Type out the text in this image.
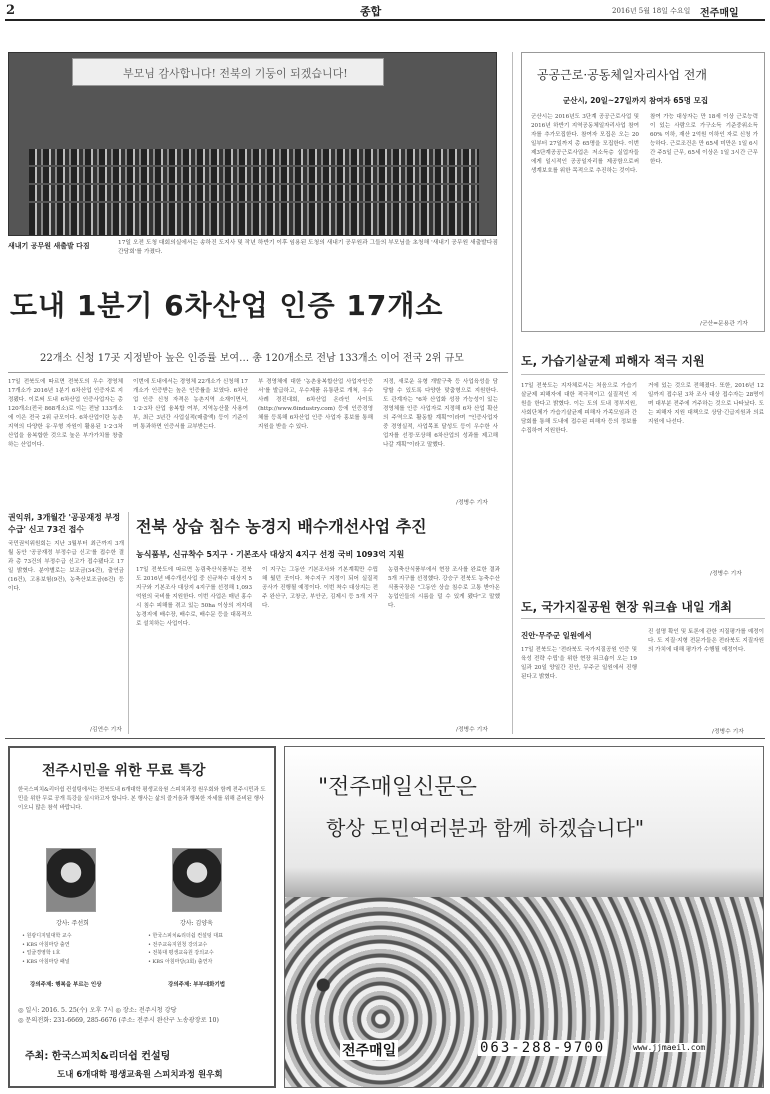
2	종합	2016년 5월 18일 수요일 전주매일
부모님 감사합니다! 전북의 기둥이 되겠습니다!
새내기 공무원 새출발 다짐	17일 오전 도청 대회의실에서는 송하진 도지사 및 작년 하반기 이후 임용된 도청의 새내기 공무원과 그들의 부모님을 초청해 '새내기 공무원 새출발다짐 간담회'를 가졌다.
도내 1분기 6차산업 인증 17개소
22개소 신청 17곳 지정받아 높은 인증률 보여… 총 120개소로 전남 133개소 이어 전국 2위 규모
17일 전북도에 따르면 전북도의 우수 경영체 17개소가 2016년 1분기 6차산업 인증자로 지정됐다. 이로써 도내 6차산업 인증사업자는 총 120개소(전국 868개소)로 이는 전남 133개소에 이은 전국 2위 규모이다. 6차산업이란 농촌지역의 다양한 유·무형 자원이 활용된 1·2·3차 산업을 융복합한 것으로 높은 부가가치를 창출하는 산업이다.
이번에 도내에서는 경영체 22개소가 신청해 17개소가 인증받는 높은 인증률을 보였다. 6차산업 인증 신청 자격은 농촌지역 소재이면서, 1·2·3차 산업 융복합 여부, 지역농산물 사용여부, 최근 3년간 사업실적(매출액) 등이 기준이며 통과하면 인증서를 교부받는다.
부 경영체에 대한 '농촌융복합산업 사업자인증서'를 발급하고, 우수제품 유통판로 개척, 우수사례 경진대회, 6차산업 온라인 사이트(http://www.6industry.com) 등에 인증경영체를 등록해 6차산업 인증 사업자 홍보를 통해 지원을 받을 수 있다.
지정, 새로운 유형 개발구축 등 사업육성을 담당할 수 있도록 다양한 맞춤형으로 지원한다. 도 관계자는 "6차 산업화 성장 가능성이 있는 경영체를 인증 사업자로 지정해 6차 산업 확산의 주역으로 활동할 계획"이라며 "인증사업자 중 경영실적, 사업목표 달성도 등이 우수한 사업자를 선정·포상해 6차산업의 성과를 제고해 나갈 계획"이라고 말했다.
/정병수 기자
공공근로·공동체일자리사업 전개
군산시, 20일~27일까지 참여자 65명 모집
군산시는 2016년도 3단계 공공근로사업 및 2016년 하반기 지역공동체일자리사업 참여자를 추가모집한다. 참여자 모집은 오는 20일부터 27일까지 총 65명을 모집한다. 이번 제3단계공공근로사업은 저소득층 실업자들에게 일시적인 공공일자리를 제공함으로써 생계보호를 위한 목적으로 추진하는 것이다.
참여 가능 대상자는 만 18세 이상 근로능력이 있는 사람으로 가구소득 기준중위소득 60% 이하, 재산 2억원 이하인 자로 신청 가능하다. 근로조건은 만 65세 미만은 1일 6시간 주5일 근무, 65세 이상은 1일 3시간 근무한다.
/군산=문용관 기자
도, 가습기살균제 피해자 적극 지원
17일 전북도는 지자체로서는 처음으로 가습기살균제 피해자에 대한 적극적이고 실질적인 지원을 한다고 밝혔다. 이는 도의 도내 정부지원, 사회단체가 가습기살균제 피해자 가족모임과 간담회를 통해 도내에 접수된 피해자 등의 정보를 수집하여 지원한다.
거에 있는 것으로 전해졌다. 또한, 2016년 12일까지 접수된 3차 조사 대상 접수자는 28명이며 대부분 전주에 거주하는 것으로 나타났다. 도는 피해자 지원 대책으로 상담·긴급지원과 의료지원에 나선다.
/정병수 기자
권익위, 3개월간 '공공재정 부정수급' 신고 73건 접수
국민권익위원회는 지난 3월부터 최근까지 3개월 동안 '공공재정 부정수급 신고'를 접수한 결과 총 73건의 부정수급 신고가 접수됐다고 17일 밝혔다. 분야별로는 보조금(34건), 출연금(16건), 고용보험(9건), 농축산보조금(6건) 등이다.
/김연수 기자
전북 상습 침수 농경지 배수개선사업 추진
농식품부, 신규착수 5지구 · 기본조사 대상지 4지구 선정 국비 1093억 지원
17일 전북도에 따르면 농림축산식품부는 전북도 2016년 배수개선사업 중 신규착수 대상지 5지구와 기본조사 대상지 4지구를 선정해 1,093억원의 국비를 지원한다. 이번 사업은 매년 홍수 시 침수 피해를 겪고 있는 50ha 이상의 저지대 농경지에 배수장, 배수로, 배수문 등을 대폭적으로 설치하는 사업이다.
이 지구는 그동안 기본조사와 기본계획만 수립해 뒀던 곳이다. 착수지구 지정이 되어 실질적 공사가 진행될 예정이다. 이번 착수 대상지는 전주 완산구, 고창군, 부안군, 김제시 등 5개 지구다.
농림축산식품부에서 현장 조사를 완료한 결과 5개 지구를 선정했다. 강승구 전북도 농축수산식품국장은 "그동안 상습 침수로 고통 받아온 농업인들의 시름을 덜 수 있게 됐다"고 말했다.
/정병수 기자
도, 국가지질공원 현장 워크숍 내일 개최
진안·무주군 일원에서
17일 전북도는 '전라북도 국가지질공원 인증 및 육성 전략 수립'을 위한 현장 워크숍이 오는 19일과 20일 양일간 진안, 무주군 일원에서 진행된다고 밝혔다.
진 설명 확인 및 토론에 관한 지질평가를 예정이다. 도 지질·지형 전문가들은 전라북도 지질자원의 가치에 대해 평가가 수행될 예정이다.
/정병수 기자
전주시민을 위한 무료 특강
한국스피치&리더쉽 컨설팅에서는 전북도내 6개대학 평생교육원 스피치과정 원우회와 함께 전주시민과 도민을 위한 무료 공개 특강을 실시하고자 합니다. 본 행사는 삶의 즐거움과 행복한 자세를 위해 준비된 행사이오니 많은 참석 바랍니다.
강사: 주선희
• 원광디지털대학 교수
• KBS 아침마당 출연
• 얼굴경영학 1호
• KBS 아침마당 패널
강의주제: 행복을 부르는 인상
강사: 김양욱
• 한국스피치&리더쉽 컨설팅 대표
• 전주교육지원청 강의교수
• 전북대 평생교육원 강의교수
• KBS 아침마당(3회) 출연자
강의주제: 부부대화기법
◎ 일시: 2016. 5. 25(수) 오후 7시 ◎ 장소: 전주시청 강당
◎ 문의전화: 231-6669, 285-6676 (주소: 전주시 완산구 노송광장로 10)
주최: 한국스피치&리더쉽 컨설팅
도내 6개대학 평생교육원 스피치과정 원우회
"전주매일신문은
항상 도민여러분과 함께 하겠습니다"
전주매일	063-288-9700	www.jjmaeil.com
